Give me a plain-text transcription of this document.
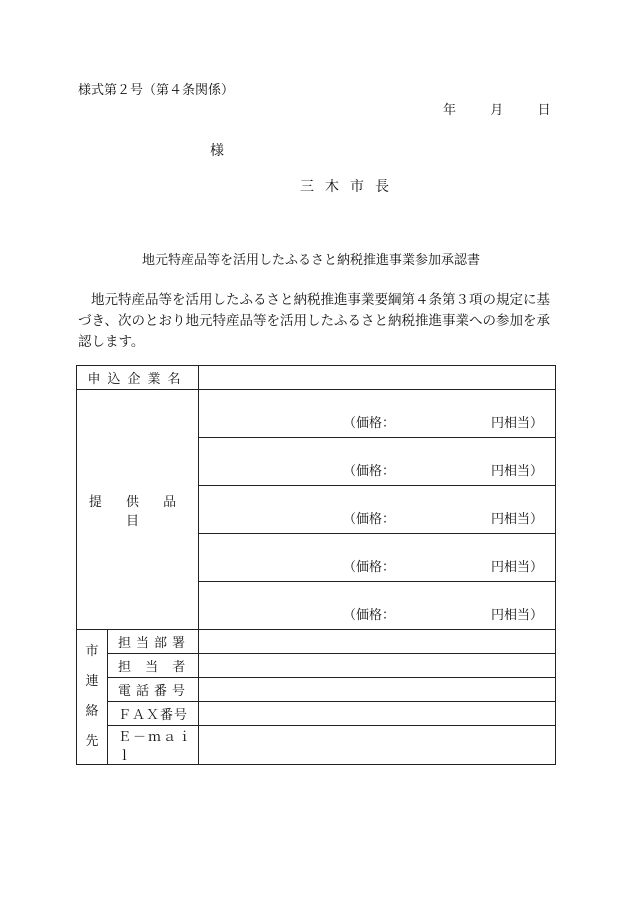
様式第２号（第４条関係）
年	月	日
様
三木市長
地元特産品等を活用したふるさと納税推進事業参加承認書
地元特産品等を活用したふるさと納税推進事業要綱第４条第３項の規定に基づき、次のとおり地元特産品等を活用したふるさと納税推進事業への参加を承認します。
申込企業名		
提 供 品 目		（価格： 円相当）

		（価格： 円相当）

		（価格： 円相当）

		（価格： 円相当）

		（価格： 円相当）

市
連
絡
先	担当部署	
	担 当 者	
	電話番号	
	ＦＡＸ番号	
	Ｅ－ｍａｉｌ	
